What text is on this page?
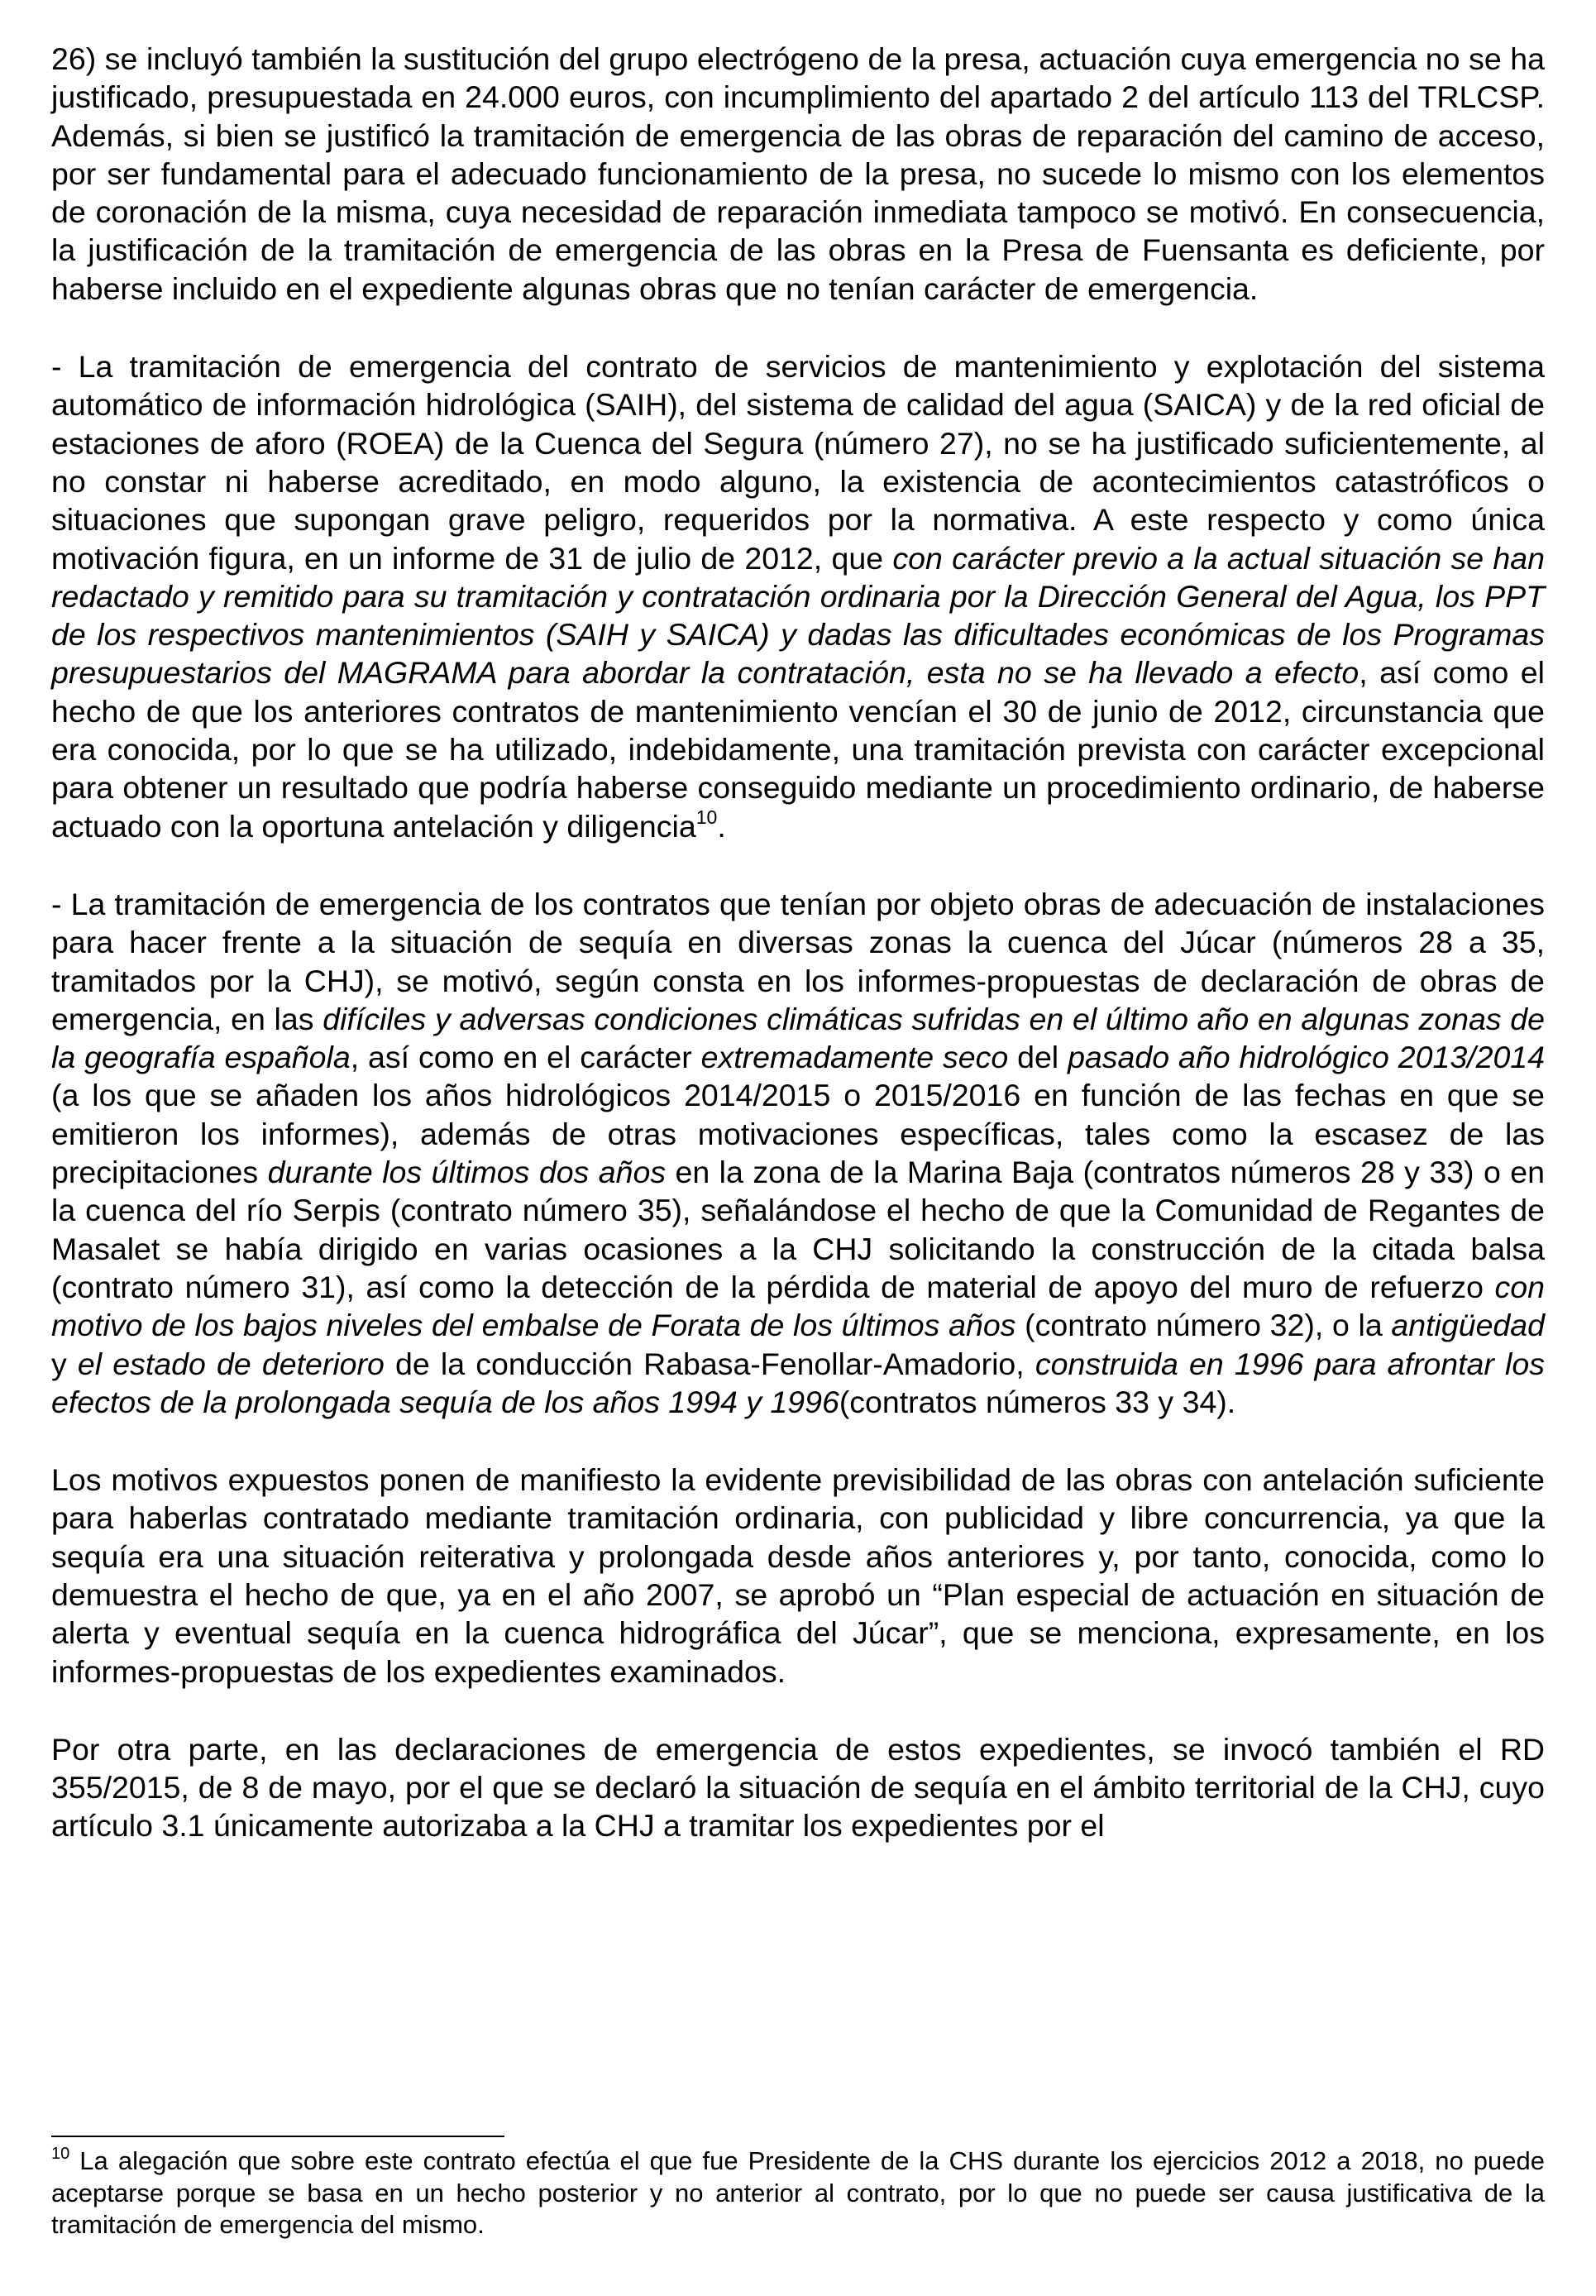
26) se incluyó también la sustitución del grupo electrógeno de la presa, actuación cuya emergencia no se ha justificado, presupuestada en 24.000 euros, con incumplimiento del apartado 2 del artículo 113 del TRLCSP. Además, si bien se justificó la tramitación de emergencia de las obras de reparación del camino de acceso, por ser fundamental para el adecuado funcionamiento de la presa, no sucede lo mismo con los elementos de coronación de la misma, cuya necesidad de reparación inmediata tampoco se motivó. En consecuencia, la justificación de la tramitación de emergencia de las obras en la Presa de Fuensanta es deficiente, por haberse incluido en el expediente algunas obras que no tenían carácter de emergencia.

- La tramitación de emergencia del contrato de servicios de mantenimiento y explotación del sistema automático de información hidrológica (SAIH), del sistema de calidad del agua (SAICA) y de la red oficial de estaciones de aforo (ROEA) de la Cuenca del Segura (número 27), no se ha justificado suficientemente, al no constar ni haberse acreditado, en modo alguno, la existencia de acontecimientos catastróficos o situaciones que supongan grave peligro, requeridos por la normativa. A este respecto y como única motivación figura, en un informe de 31 de julio de 2012, que con carácter previo a la actual situación se han redactado y remitido para su tramitación y contratación ordinaria por la Dirección General del Agua, los PPT de los respectivos mantenimientos (SAIH y SAICA) y dadas las dificultades económicas de los Programas presupuestarios del MAGRAMA para abordar la contratación, esta no se ha llevado a efecto, así como el hecho de que los anteriores contratos de mantenimiento vencían el 30 de junio de 2012, circunstancia que era conocida, por lo que se ha utilizado, indebidamente, una tramitación prevista con carácter excepcional para obtener un resultado que podría haberse conseguido mediante un procedimiento ordinario, de haberse actuado con la oportuna antelación y diligencia$^{10}$.

- La tramitación de emergencia de los contratos que tenían por objeto obras de adecuación de instalaciones para hacer frente a la situación de sequía en diversas zonas la cuenca del Júcar (números 28 a 35, tramitados por la CHJ), se motivó, según consta en los informes-propuestas de declaración de obras de emergencia, en las difíciles y adversas condiciones climáticas sufridas en el último año en algunas zonas de la geografía española, así como en el carácter extremadamente seco del pasado año hidrológico 2013/2014 (a los que se añaden los años hidrológicos 2014/2015 o 2015/2016 en función de las fechas en que se emitieron los informes), además de otras motivaciones específicas, tales como la escasez de las precipitaciones durante los últimos dos años en la zona de la Marina Baja (contratos números 28 y 33) o en la cuenca del río Serpis (contrato número 35), señalándose el hecho de que la Comunidad de Regantes de Masalet se había dirigido en varias ocasiones a la CHJ solicitando la construcción de la citada balsa (contrato número 31), así como la detección de la pérdida de material de apoyo del muro de refuerzo con motivo de los bajos niveles del embalse de Forata de los últimos años (contrato número 32), o la antigüedad y el estado de deterioro de la conducción Rabasa-Fenollar-Amadorio, construida en 1996 para afrontar los efectos de la prolongada sequía de los años 1994 y 1996(contratos números 33 y 34).

Los motivos expuestos ponen de manifiesto la evidente previsibilidad de las obras con antelación suficiente para haberlas contratado mediante tramitación ordinaria, con publicidad y libre concurrencia, ya que la sequía era una situación reiterativa y prolongada desde años anteriores y, por tanto, conocida, como lo demuestra el hecho de que, ya en el año 2007, se aprobó un “Plan especial de actuación en situación de alerta y eventual sequía en la cuenca hidrográfica del Júcar”, que se menciona, expresamente, en los informes-propuestas de los expedientes examinados.

Por otra parte, en las declaraciones de emergencia de estos expedientes, se invocó también el RD 355/2015, de 8 de mayo, por el que se declaró la situación de sequía en el ámbito territorial de la CHJ, cuyo artículo 3.1 únicamente autorizaba a la CHJ a tramitar los expedientes por el

$^{10}$ La alegación que sobre este contrato efectúa el que fue Presidente de la CHS durante los ejercicios 2012 a 2018, no puede aceptarse porque se basa en un hecho posterior y no anterior al contrato, por lo que no puede ser causa justificativa de la tramitación de emergencia del mismo.
